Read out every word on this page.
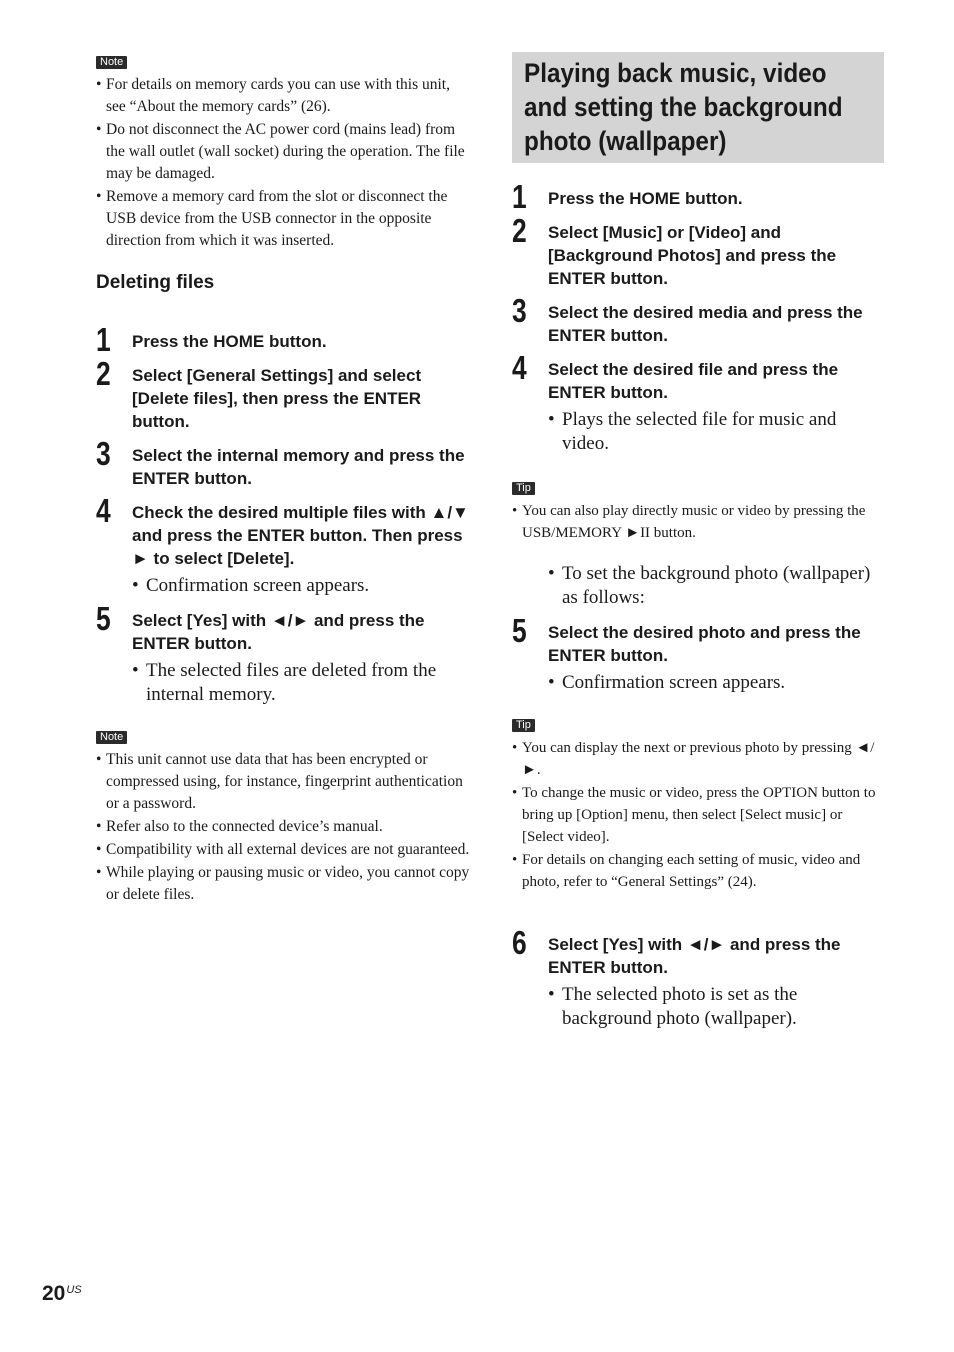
Note
• For details on memory cards you can use with this unit, see “About the memory cards” (26).
• Do not disconnect the AC power cord (mains lead) from the wall outlet (wall socket) during the operation. The file may be damaged.
• Remove a memory card from the slot or disconnect the USB device from the USB connector in the opposite direction from which it was inserted.
Deleting files
1 Press the HOME button.
2 Select [General Settings] and select [Delete files], then press the ENTER button.
3 Select the internal memory and press the ENTER button.
4 Check the desired multiple files with ▲/▼ and press the ENTER button. Then press ► to select [Delete].
• Confirmation screen appears.
5 Select [Yes] with ◄/► and press the ENTER button.
• The selected files are deleted from the internal memory.
Note
• This unit cannot use data that has been encrypted or compressed using, for instance, fingerprint authentication or a password.
• Refer also to the connected device’s manual.
• Compatibility with all external devices are not guaranteed.
• While playing or pausing music or video, you cannot copy or delete files.
Playing back music, video and setting the background photo (wallpaper)
1 Press the HOME button.
2 Select [Music] or [Video] and [Background Photos] and press the ENTER button.
3 Select the desired media and press the ENTER button.
4 Select the desired file and press the ENTER button.
• Plays the selected file for music and video.
Tip
• You can also play directly music or video by pressing the USB/MEMORY ►II button.
• To set the background photo (wallpaper) as follows:
5 Select the desired photo and press the ENTER button.
• Confirmation screen appears.
Tip
• You can display the next or previous photo by pressing ◄/►.
• To change the music or video, press the OPTION button to bring up [Option] menu, then select [Select music] or [Select video].
• For details on changing each setting of music, video and photo, refer to “General Settings” (24).
6 Select [Yes] with ◄/► and press the ENTER button.
• The selected photo is set as the background photo (wallpaper).
$20^{US}$
